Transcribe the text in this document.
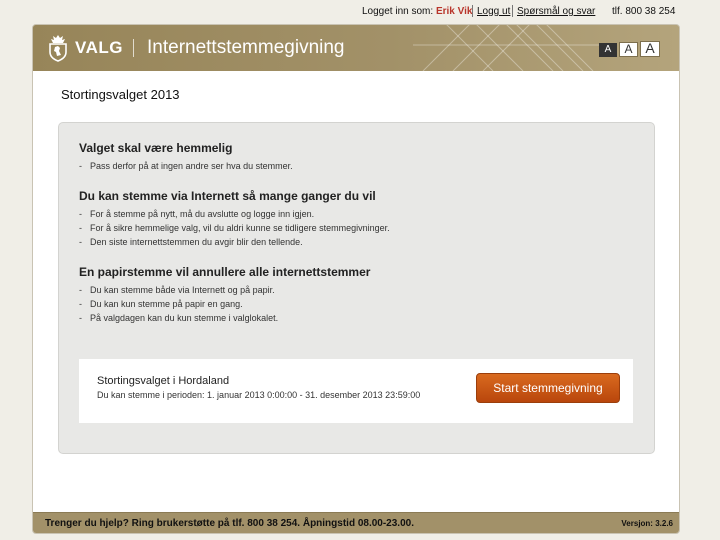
Logget inn som: Erik Vik Logg ut Spørsmål og svar tlf. 800 38 254
VALG Internettstemmegivning	A	A A
Stortingsvalget 2013
Valget skal være hemmelig
- Pass derfor på at ingen andre ser hva du stemmer.
Du kan stemme via Internett så mange ganger du vil
- For å stemme på nytt, må du avslutte og logge inn igjen.
- For å sikre hemmelige valg, vil du aldri kunne se tidligere stemmegivninger.
- Den siste internettstemmen du avgir blir den tellende.
En papirstemme vil annullere alle internettstemmer
- Du kan stemme både via Internett og på papir.
- Du kan kun stemme på papir en gang.
- På valgdagen kan du kun stemme i valglokalet.
Stortingsvalget i Hordaland
Du kan stemme i perioden: 1. januar 2013 0:00:00 - 31. desember 2013 23:59:00	Start stemmegivning
Trenger du hjelp? Ring brukerstøtte på tlf. 800 38 254. Åpningstid 08.00-23.00.	Versjon: 3.2.6
